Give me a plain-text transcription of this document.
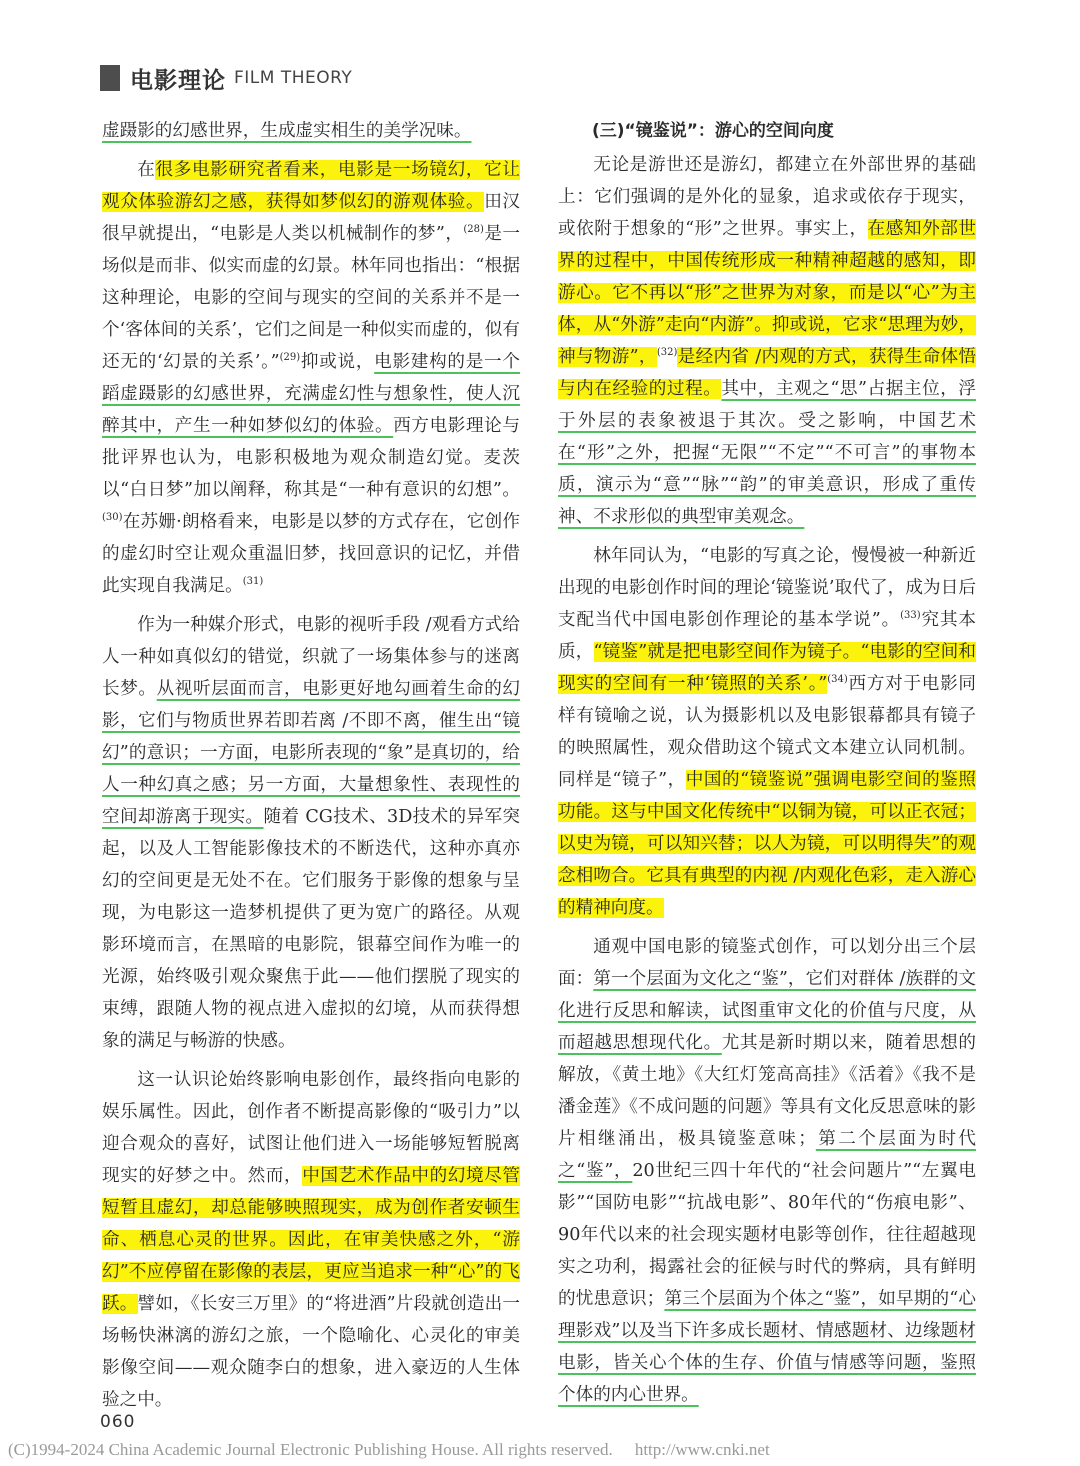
电影理论 FILM THEORY

虚蹑影的幻感世界，生成虚实相生的美学况味。

在很多电影研究者看来，电影是一场镜幻，它让观众体验游幻之感，获得如梦似幻的游观体验。田汉很早就提出，“电影是人类以机械制作的梦”，$^{(28)}$是一场似是而非、似实而虚的幻景。林年同也指出：“根据这种理论，电影的空间与现实的空间的关系并不是一个‘客体间的关系’，它们之间是一种似实而虚的，似有还无的‘幻景的关系’。”$^{(29)}$抑或说，电影建构的是一个蹈虚蹑影的幻感世界，充满虚幻性与想象性，使人沉醉其中，产生一种如梦似幻的体验。西方电影理论与批评界也认为，电影积极地为观众制造幻觉。麦茨以“白日梦”加以阐释，称其是“一种有意识的幻想”。$^{(30)}$在苏姗·朗格看来，电影是以梦的方式存在，它创作的虚幻时空让观众重温旧梦，找回意识的记忆，并借此实现自我满足。$^{(31)}$

作为一种媒介形式，电影的视听手段 /观看方式给人一种如真似幻的错觉，织就了一场集体参与的迷离长梦。从视听层面而言，电影更好地勾画着生命的幻影，它们与物质世界若即若离 /不即不离，催生出“镜幻”的意识；一方面，电影所表现的“象”是真切的，给人一种幻真之感；另一方面，大量想象性、表现性的空间却游离于现实。随着 CG技术、3D技术的异军突起，以及人工智能影像技术的不断迭代，这种亦真亦幻的空间更是无处不在。它们服务于影像的想象与呈现，为电影这一造梦机提供了更为宽广的路径。从观影环境而言，在黑暗的电影院，银幕空间作为唯一的光源，始终吸引观众聚焦于此——他们摆脱了现实的束缚，跟随人物的视点进入虚拟的幻境，从而获得想象的满足与畅游的快感。

这一认识论始终影响电影创作，最终指向电影的娱乐属性。因此，创作者不断提高影像的“吸引力”以迎合观众的喜好，试图让他们进入一场能够短暂脱离现实的好梦之中。然而，中国艺术作品中的幻境尽管短暂且虚幻，却总能够映照现实，成为创作者安顿生命、栖息心灵的世界。因此，在审美快感之外，“游幻”不应停留在影像的表层，更应当追求一种“心”的飞跃。譬如，《长安三万里》的“将进酒”片段就创造出一场畅快淋漓的游幻之旅，一个隐喻化、心灵化的审美影像空间——观众随李白的想象，进入豪迈的人生体验之中。

(三)“镜鉴说”：游心的空间向度

无论是游世还是游幻，都建立在外部世界的基础上：它们强调的是外化的显象，追求或依存于现实，或依附于想象的“形”之世界。事实上，在感知外部世界的过程中，中国传统形成一种精神超越的感知，即游心。它不再以“形”之世界为对象，而是以“心”为主体，从“外游”走向“内游”。抑或说，它求“思理为妙，神与物游”，$^{(32)}$是经内省 /内观的方式，获得生命体悟与内在经验的过程。其中，主观之“思”占据主位，浮于外层的表象被退于其次。受之影响，中国艺术在“形”之外，把握“无限”“不定”“不可言”的事物本质，演示为“意”“脉”“韵”的审美意识，形成了重传神、不求形似的典型审美观念。

林年同认为，“电影的写真之论，慢慢被一种新近出现的电影创作时间的理论‘镜鉴说’取代了，成为日后支配当代中国电影创作理论的基本学说”。$^{(33)}$究其本质，“镜鉴”就是把电影空间作为镜子。“电影的空间和现实的空间有一种‘镜照的关系’。”$^{(34)}$西方对于电影同样有镜喻之说，认为摄影机以及电影银幕都具有镜子的映照属性，观众借助这个镜式文本建立认同机制。同样是“镜子”，中国的“镜鉴说”强调电影空间的鉴照功能。这与中国文化传统中“以铜为镜，可以正衣冠；以史为镜，可以知兴替；以人为镜，可以明得失”的观念相吻合。它具有典型的内视 /内观化色彩，走入游心的精神向度。

通观中国电影的镜鉴式创作，可以划分出三个层面：第一个层面为文化之“鉴”，它们对群体 /族群的文化进行反思和解读，试图重审文化的价值与尺度，从而超越思想现代化。尤其是新时期以来，随着思想的解放，《黄土地》《大红灯笼高高挂》《活着》《我不是潘金莲》《不成问题的问题》等具有文化反思意味的影片相继涌出，极具镜鉴意味；第二个层面为时代之“鉴”，20世纪三四十年代的“社会问题片”“左翼电影”“国防电影”“抗战电影”、80年代的“伤痕电影”、90年代以来的社会现实题材电影等创作，往往超越现实之功利，揭露社会的征候与时代的弊病，具有鲜明的忧患意识；第三个层面为个体之“鉴”，如早期的“心理影戏”以及当下许多成长题材、情感题材、边缘题材电影，皆关心个体的生存、价值与情感等问题，鉴照个体的内心世界。

060
(C)1994-2024 China Academic Journal Electronic Publishing House. All rights reserved. http://www.cnki.net
